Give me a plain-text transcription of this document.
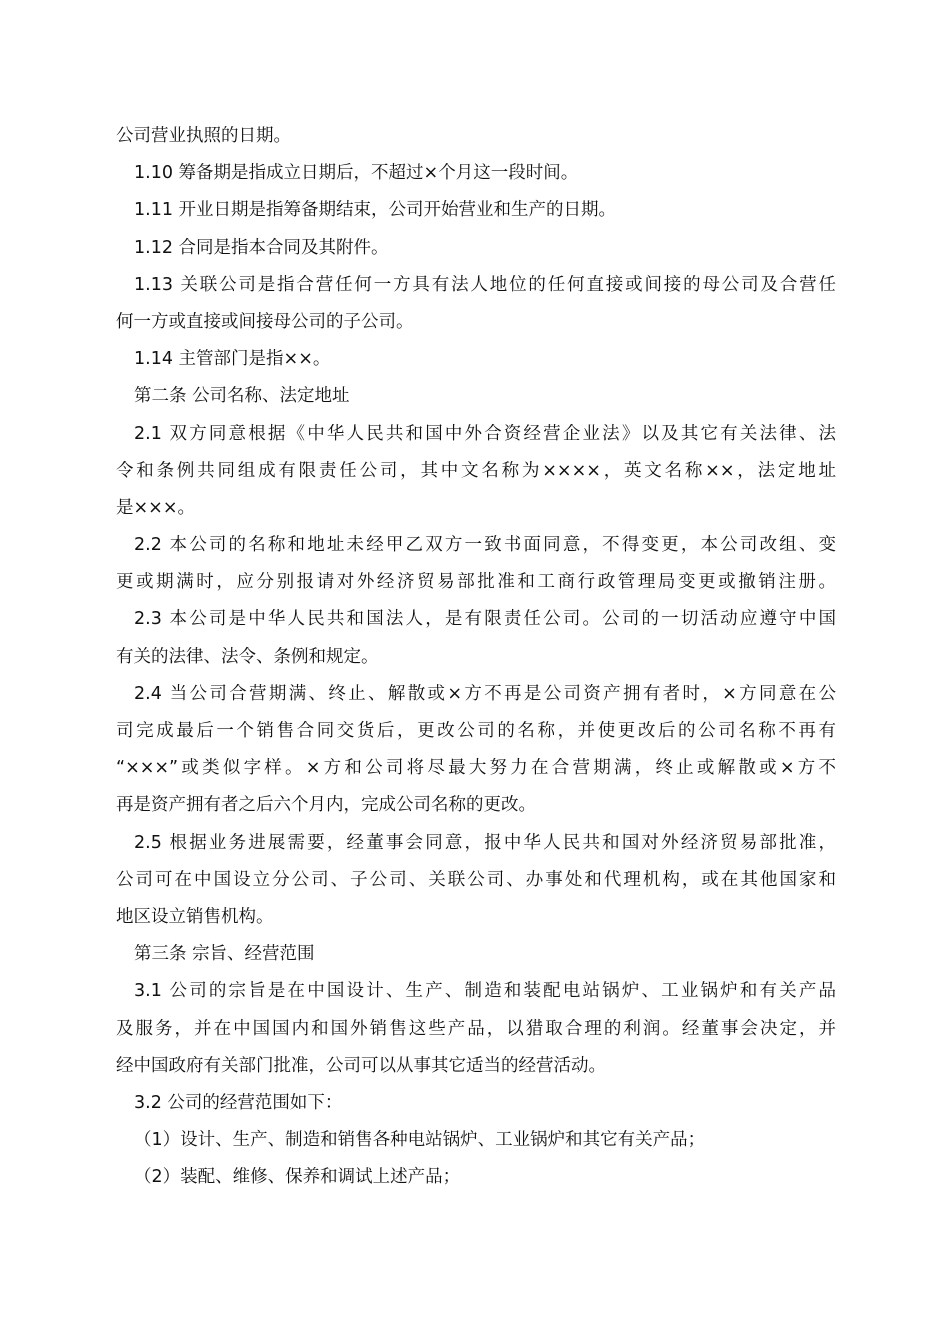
公司营业执照的日期。
1.10 筹备期是指成立日期后，不超过×个月这一段时间。
1.11 开业日期是指筹备期结束，公司开始营业和生产的日期。
1.12 合同是指本合同及其附件。
1.13 关联公司是指合营任何一方具有法人地位的任何直接或间接的母公司及合营任
何一方或直接或间接母公司的子公司。
1.14 主管部门是指××。
第二条 公司名称、法定地址
2.1 双方同意根据《中华人民共和国中外合资经营企业法》以及其它有关法律、法
令和条例共同组成有限责任公司，其中文名称为××××，英文名称××，法定地址
是×××。
2.2 本公司的名称和地址未经甲乙双方一致书面同意，不得变更，本公司改组、变
更或期满时，应分别报请对外经济贸易部批准和工商行政管理局变更或撤销注册。
2.3 本公司是中华人民共和国法人，是有限责任公司。公司的一切活动应遵守中国
有关的法律、法令、条例和规定。
2.4 当公司合营期满、终止、解散或×方不再是公司资产拥有者时，×方同意在公
司完成最后一个销售合同交货后，更改公司的名称，并使更改后的公司名称不再有
“×××”或类似字样。×方和公司将尽最大努力在合营期满，终止或解散或×方不
再是资产拥有者之后六个月内，完成公司名称的更改。
2.5 根据业务进展需要，经董事会同意，报中华人民共和国对外经济贸易部批准，
公司可在中国设立分公司、子公司、关联公司、办事处和代理机构，或在其他国家和
地区设立销售机构。
第三条 宗旨、经营范围
3.1 公司的宗旨是在中国设计、生产、制造和装配电站锅炉、工业锅炉和有关产品
及服务，并在中国国内和国外销售这些产品，以猎取合理的利润。经董事会决定，并
经中国政府有关部门批准，公司可以从事其它适当的经营活动。
3.2 公司的经营范围如下：
（1）设计、生产、制造和销售各种电站锅炉、工业锅炉和其它有关产品；
（2）装配、维修、保养和调试上述产品；
